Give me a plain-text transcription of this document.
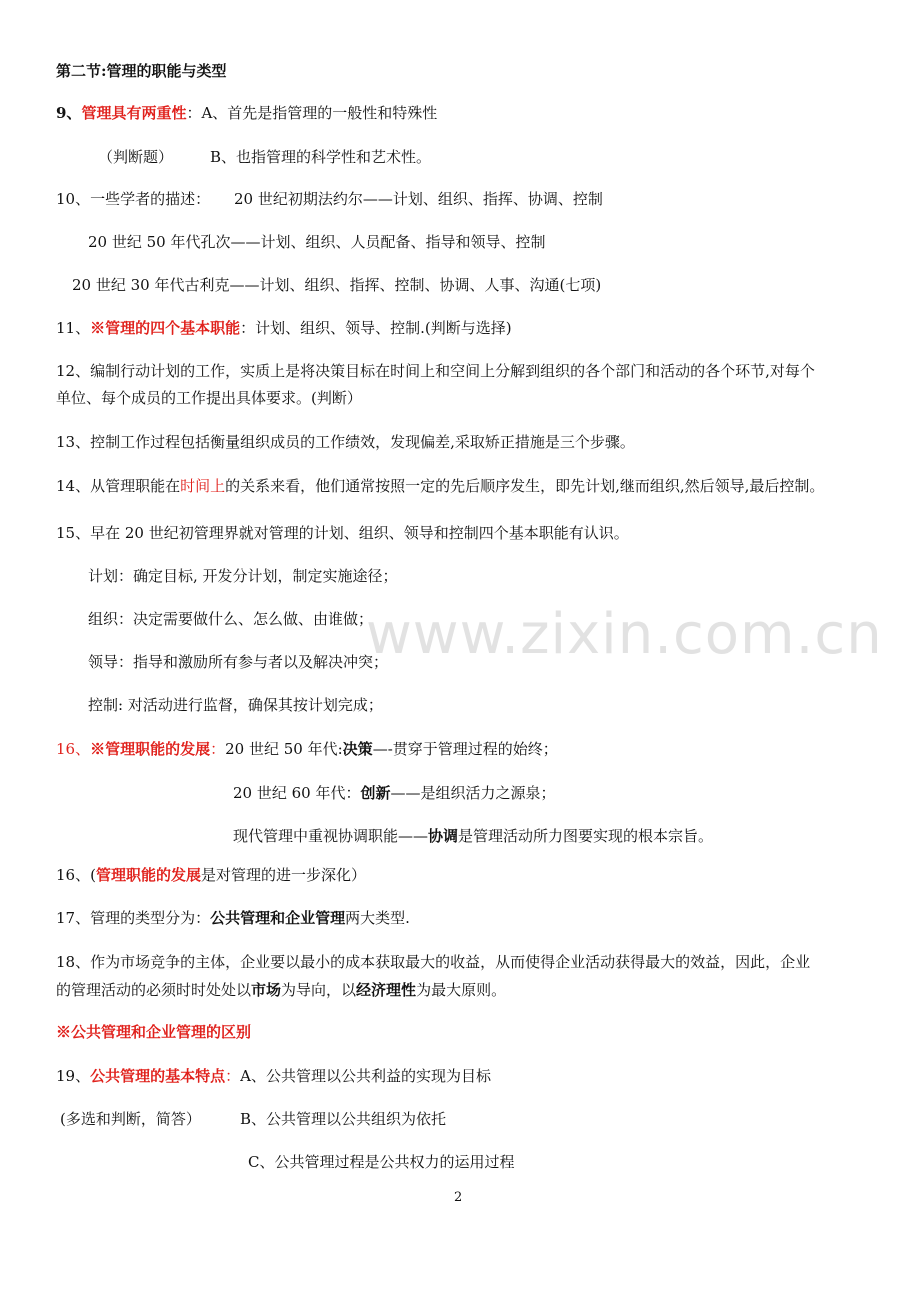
www.zixin.com.cn
第二节:管理的职能与类型
9、管理具有两重性：A、首先是指管理的一般性和特殊性
（判断题） B、也指管理的科学性和艺术性。
10、一些学者的描述： 20 世纪初期法约尔——计划、组织、指挥、协调、控制
20 世纪 50 年代孔次——计划、组织、人员配备、指导和领导、控制
20 世纪 30 年代古利克——计划、组织、指挥、控制、协调、人事、沟通(七项)
11、※管理的四个基本职能：计划、组织、领导、控制.(判断与选择)
12、编制行动计划的工作，实质上是将决策目标在时间上和空间上分解到组织的各个部门和活动的各个环节,对每个
单位、每个成员的工作提出具体要求。(判断）
13、控制工作过程包括衡量组织成员的工作绩效，发现偏差,采取矫正措施是三个步骤。
14、从管理职能在时间上的关系来看，他们通常按照一定的先后顺序发生，即先计划,继而组织,然后领导,最后控制。
15、早在 20 世纪初管理界就对管理的计划、组织、领导和控制四个基本职能有认识。
计划：确定目标, 开发分计划，制定实施途径；
组织：决定需要做什么、怎么做、由谁做；
领导：指导和激励所有参与者以及解决冲突；
控制: 对活动进行监督，确保其按计划完成；
16、※管理职能的发展：20 世纪 50 年代:决策—-贯穿于管理过程的始终；
20 世纪 60 年代：创新——是组织活力之源泉；
现代管理中重视协调职能——协调是管理活动所力图要实现的根本宗旨。
16、(管理职能的发展是对管理的进一步深化）
17、管理的类型分为：公共管理和企业管理两大类型.
18、作为市场竞争的主体，企业要以最小的成本获取最大的收益，从而使得企业活动获得最大的效益，因此，企业
的管理活动的必须时时处处以市场为导向，以经济理性为最大原则。
※公共管理和企业管理的区别
19、公共管理的基本特点：A、公共管理以公共利益的实现为目标
(多选和判断，简答）	B、公共管理以公共组织为依托
C、公共管理过程是公共权力的运用过程
2
